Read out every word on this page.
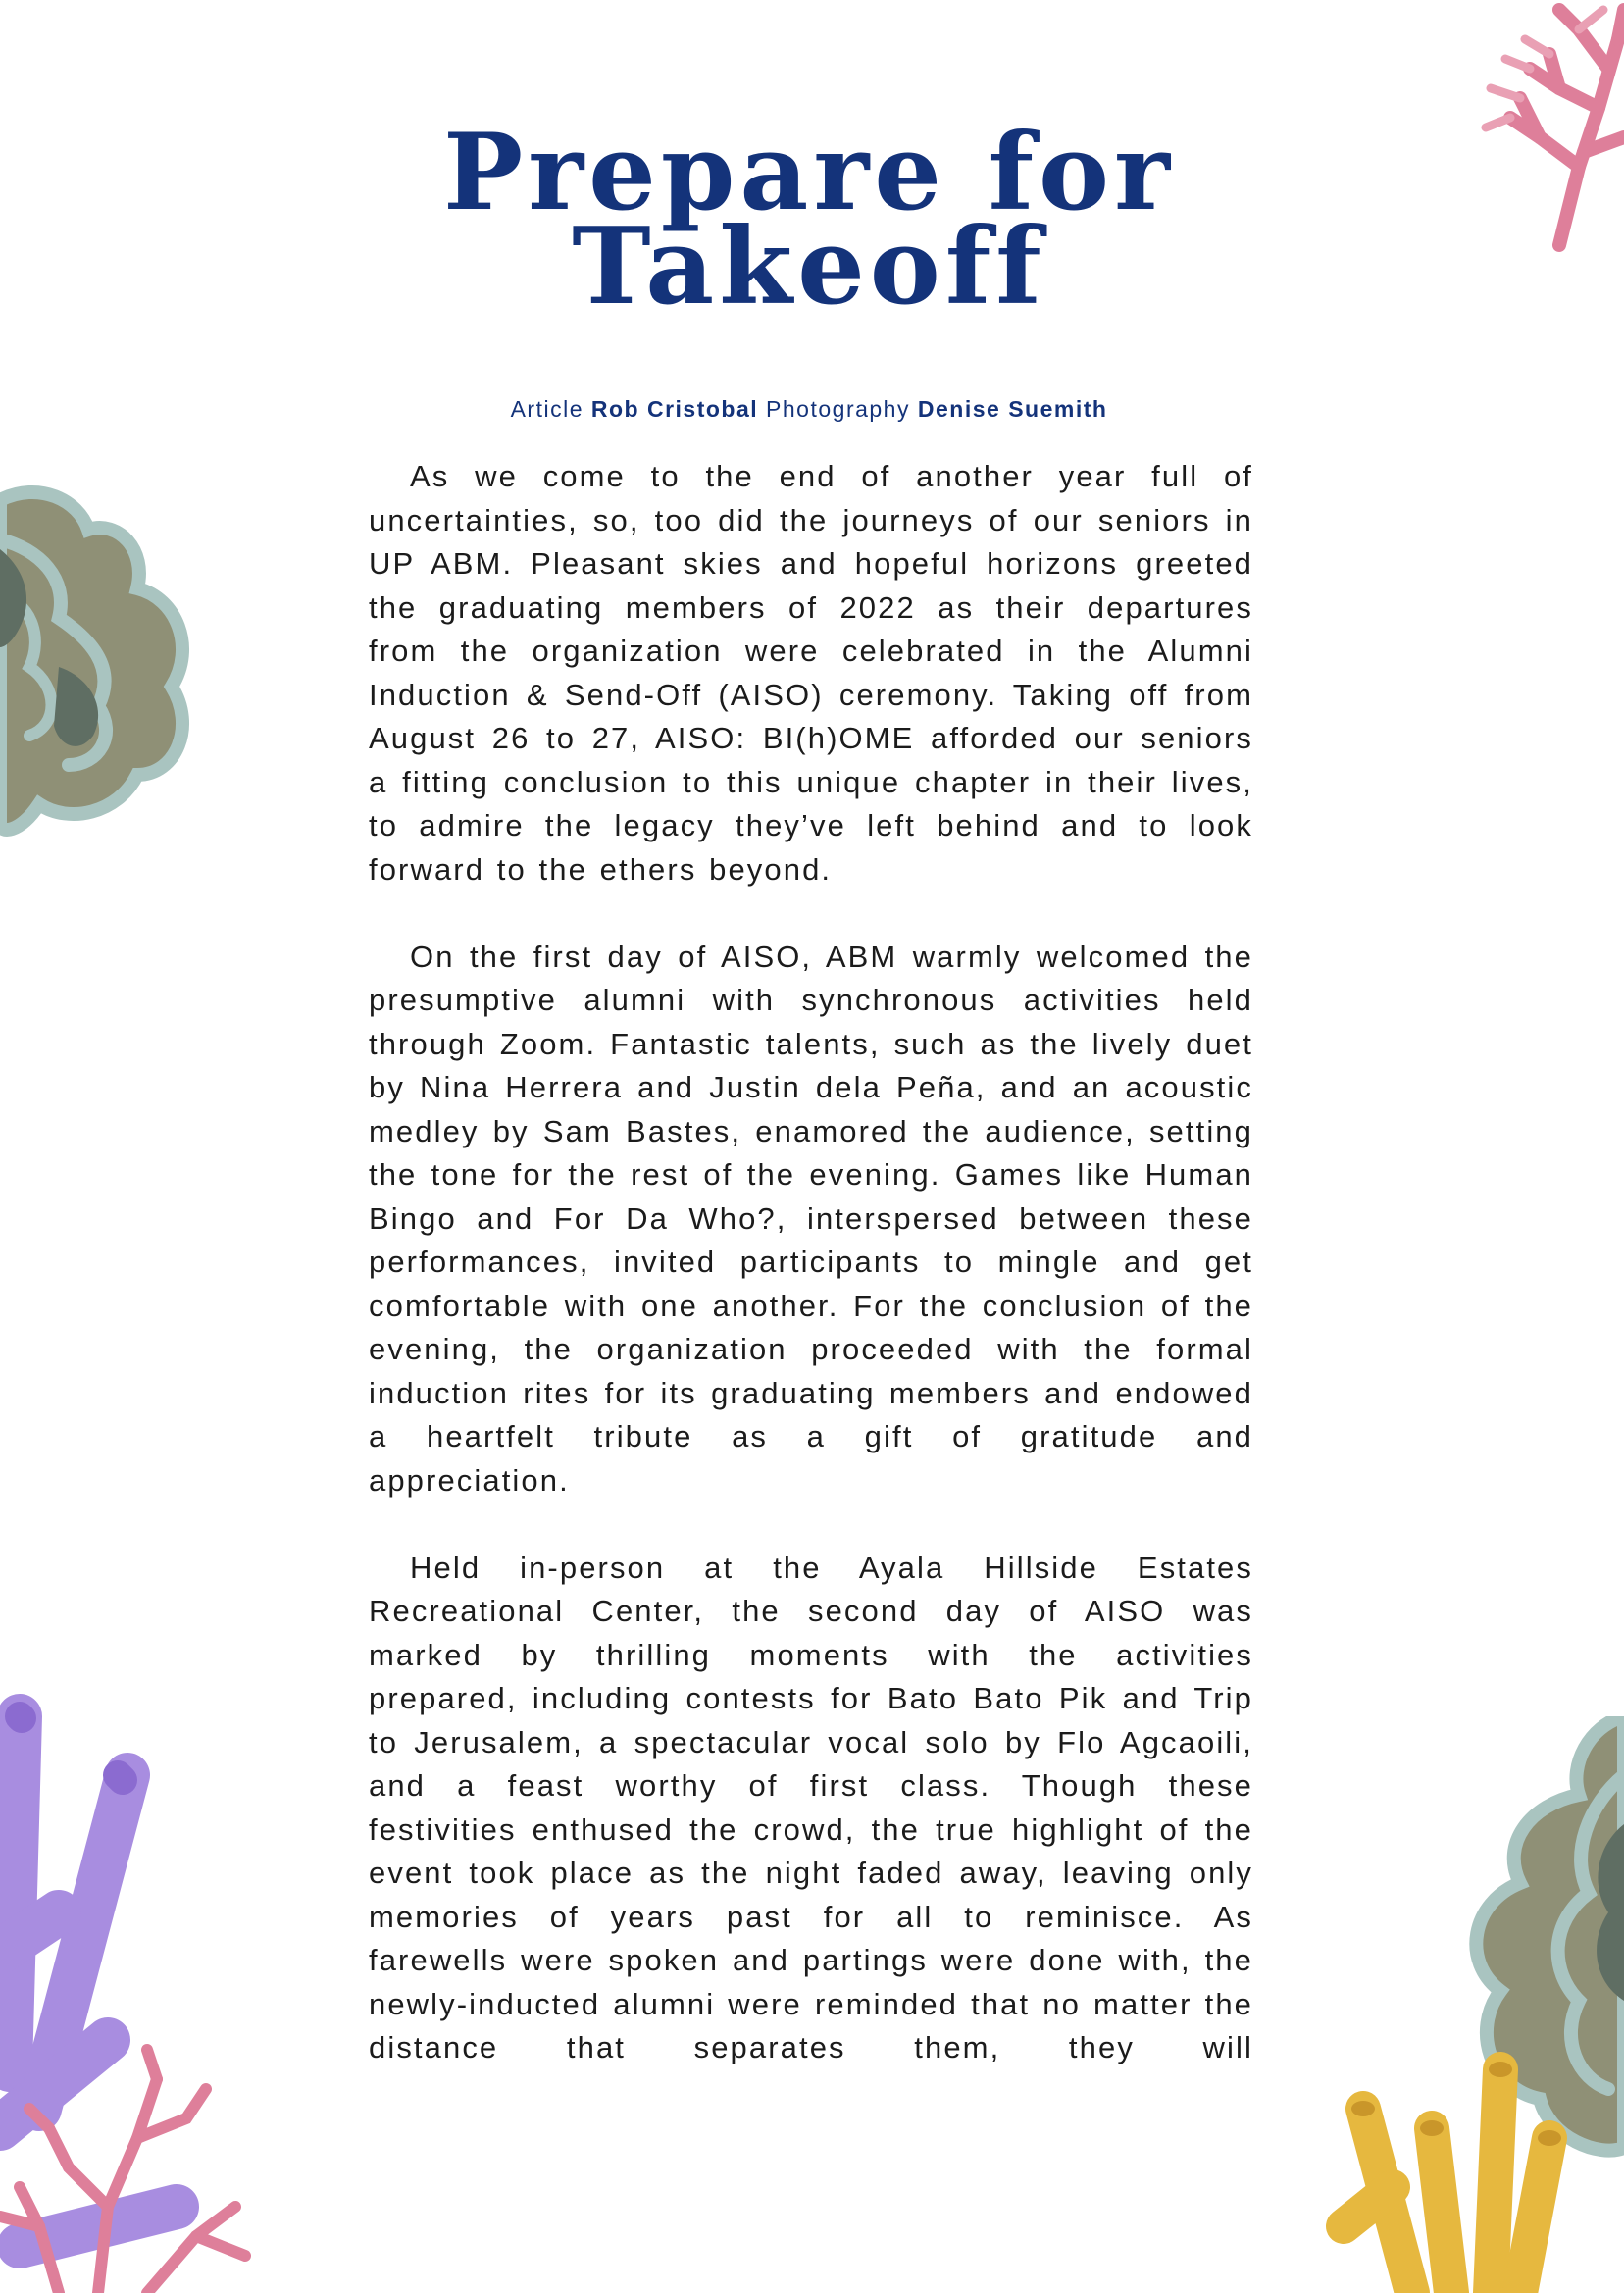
Prepare for
Takeoff
Article Rob Cristobal Photography Denise Suemith

As we come to the end of another year full of uncertainties, so, too did the journeys of our seniors in UP ABM. Pleasant skies and hopeful horizons greeted the graduating members of 2022 as their departures from the organization were celebrated in the Alumni Induction & Send-Off (AISO) ceremony. Taking off from August 26 to 27, AISO: BI(h)OME afforded our seniors a fitting conclusion to this unique chapter in their lives, to admire the legacy they’ve left behind and to look forward to the ethers beyond.

On the first day of AISO, ABM warmly welcomed the presumptive alumni with synchronous activities held through Zoom. Fantastic talents, such as the lively duet by Nina Herrera and Justin dela Peña, and an acoustic medley by Sam Bastes, enamored the audience, setting the tone for the rest of the evening. Games like Human Bingo and For Da Who?, interspersed between these performances, invited participants to mingle and get comfortable with one another. For the conclusion of the evening, the organization proceeded with the formal induction rites for its graduating members and endowed a heartfelt tribute as a gift of gratitude and appreciation.

Held in-person at the Ayala Hillside Estates Recreational Center, the second day of AISO was marked by thrilling moments with the activities prepared, including contests for Bato Bato Pik and Trip to Jerusalem, a spectacular vocal solo by Flo Agcaoili, and a feast worthy of first class. Though these festivities enthused the crowd, the true highlight of the event took place as the night faded away, leaving only memories of years past for all to reminisce. As farewells were spoken and partings were done with, the newly-inducted alumni were reminded that no matter the distance that separates them, they will
